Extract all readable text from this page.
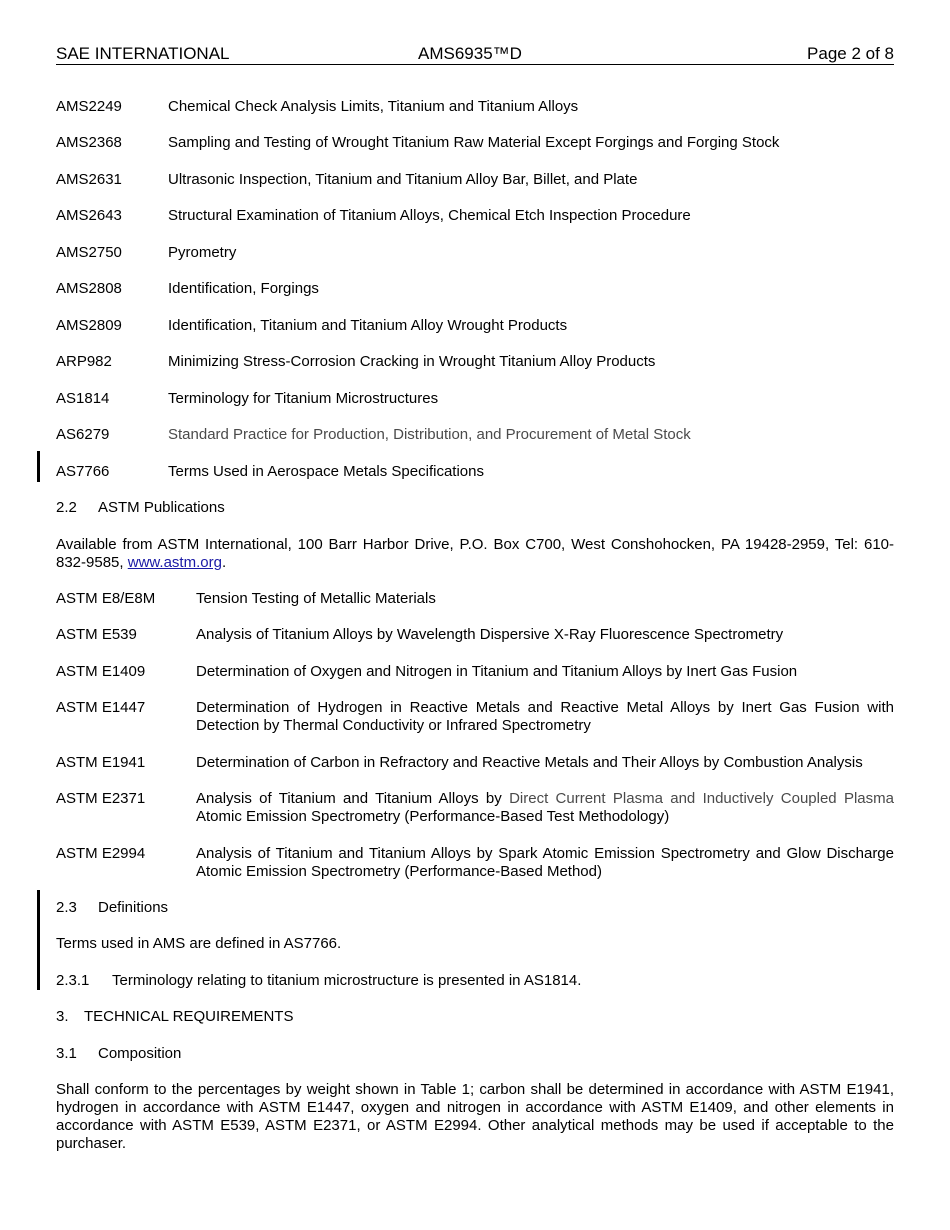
SAE INTERNATIONAL	AMS6935™D	Page 2 of 8
AMS2249	Chemical Check Analysis Limits, Titanium and Titanium Alloys
AMS2368	Sampling and Testing of Wrought Titanium Raw Material Except Forgings and Forging Stock
AMS2631	Ultrasonic Inspection, Titanium and Titanium Alloy Bar, Billet, and Plate
AMS2643	Structural Examination of Titanium Alloys, Chemical Etch Inspection Procedure
AMS2750	Pyrometry
AMS2808	Identification, Forgings
AMS2809	Identification, Titanium and Titanium Alloy Wrought Products
ARP982	Minimizing Stress-Corrosion Cracking in Wrought Titanium Alloy Products
AS1814	Terminology for Titanium Microstructures
AS6279	Standard Practice for Production, Distribution, and Procurement of Metal Stock
AS7766	Terms Used in Aerospace Metals Specifications
2.2 ASTM Publications
Available from ASTM International, 100 Barr Harbor Drive, P.O. Box C700, West Conshohocken, PA 19428-2959, Tel: 610-832-9585, www.astm.org.
ASTM E8/E8M	Tension Testing of Metallic Materials
ASTM E539	Analysis of Titanium Alloys by Wavelength Dispersive X-Ray Fluorescence Spectrometry
ASTM E1409	Determination of Oxygen and Nitrogen in Titanium and Titanium Alloys by Inert Gas Fusion
ASTM E1447	Determination of Hydrogen in Reactive Metals and Reactive Metal Alloys by Inert Gas Fusion with Detection by Thermal Conductivity or Infrared Spectrometry
ASTM E1941	Determination of Carbon in Refractory and Reactive Metals and Their Alloys by Combustion Analysis
ASTM E2371	Analysis of Titanium and Titanium Alloys by Direct Current Plasma and Inductively Coupled Plasma Atomic Emission Spectrometry (Performance-Based Test Methodology)
ASTM E2994	Analysis of Titanium and Titanium Alloys by Spark Atomic Emission Spectrometry and Glow Discharge Atomic Emission Spectrometry (Performance-Based Method)
2.3 Definitions
Terms used in AMS are defined in AS7766.
2.3.1 Terminology relating to titanium microstructure is presented in AS1814.
3. TECHNICAL REQUIREMENTS
3.1 Composition
Shall conform to the percentages by weight shown in Table 1; carbon shall be determined in accordance with ASTM E1941, hydrogen in accordance with ASTM E1447, oxygen and nitrogen in accordance with ASTM E1409, and other elements in accordance with ASTM E539, ASTM E2371, or ASTM E2994. Other analytical methods may be used if acceptable to the purchaser.
